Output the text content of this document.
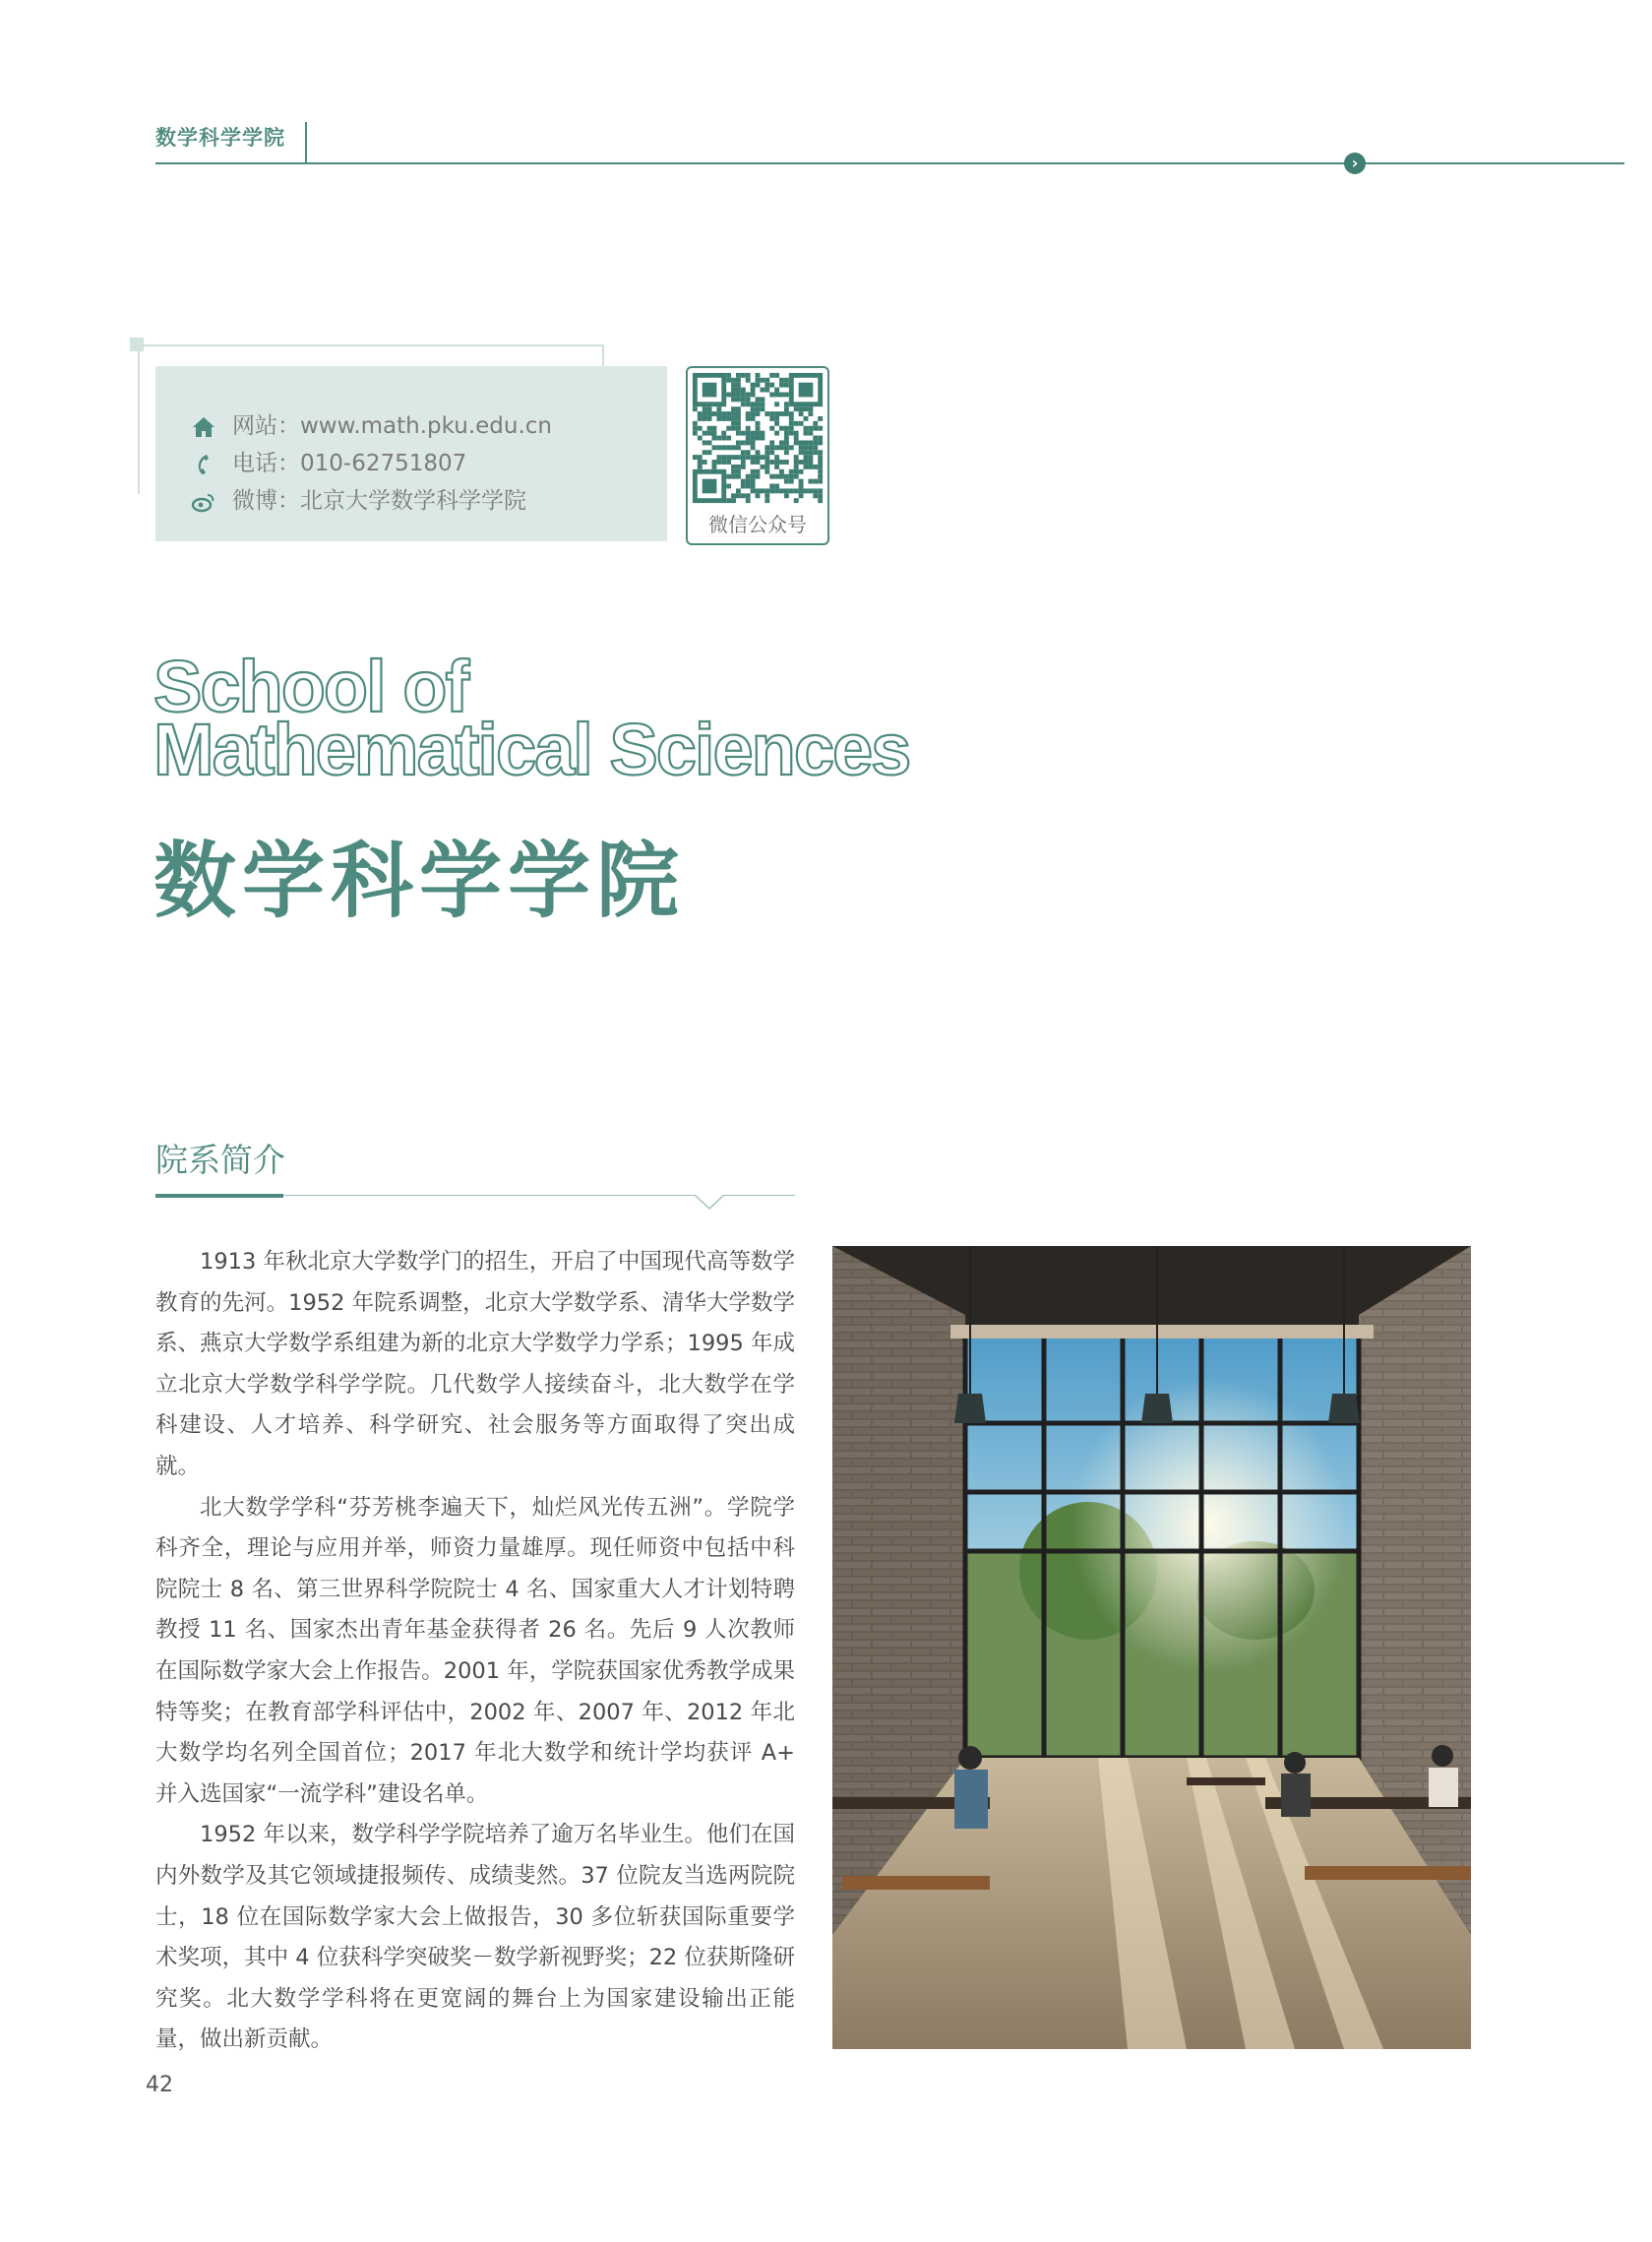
数学科学学院
›
网站：www.math.pku.edu.cn
电话：010-62751807
微博：北京大学数学科学学院
微信公众号
School of
Mathematical Sciences
数学科学学院
院系简介

1913 年秋北京大学数学门的招生，开启了中国现代高等数学教育的先河。1952 年院系调整，北京大学数学系、清华大学数学系、燕京大学数学系组建为新的北京大学数学力学系；1995 年成立北京大学数学科学学院。几代数学人接续奋斗，北大数学在学科建设、人才培养、科学研究、社会服务等方面取得了突出成就。

北大数学学科“芬芳桃李遍天下，灿烂风光传五洲”。学院学科齐全，理论与应用并举，师资力量雄厚。现任师资中包括中科院院士 8 名、第三世界科学院院士 4 名、国家重大人才计划特聘教授 11 名、国家杰出青年基金获得者 26 名。先后 9 人次教师在国际数学家大会上作报告。2001 年，学院获国家优秀教学成果特等奖；在教育部学科评估中，2002 年、2007 年、2012 年北大数学均名列全国首位；2017 年北大数学和统计学均获评 A+ 并入选国家“一流学科”建设名单。

1952 年以来，数学科学学院培养了逾万名毕业生。他们在国内外数学及其它领域捷报频传、成绩斐然。37 位院友当选两院院士，18 位在国际数学家大会上做报告，30 多位斩获国际重要学术奖项，其中 4 位获科学突破奖－数学新视野奖；22 位获斯隆研究奖。北大数学学科将在更宽阔的舞台上为国家建设输出正能量，做出新贡献。

42
